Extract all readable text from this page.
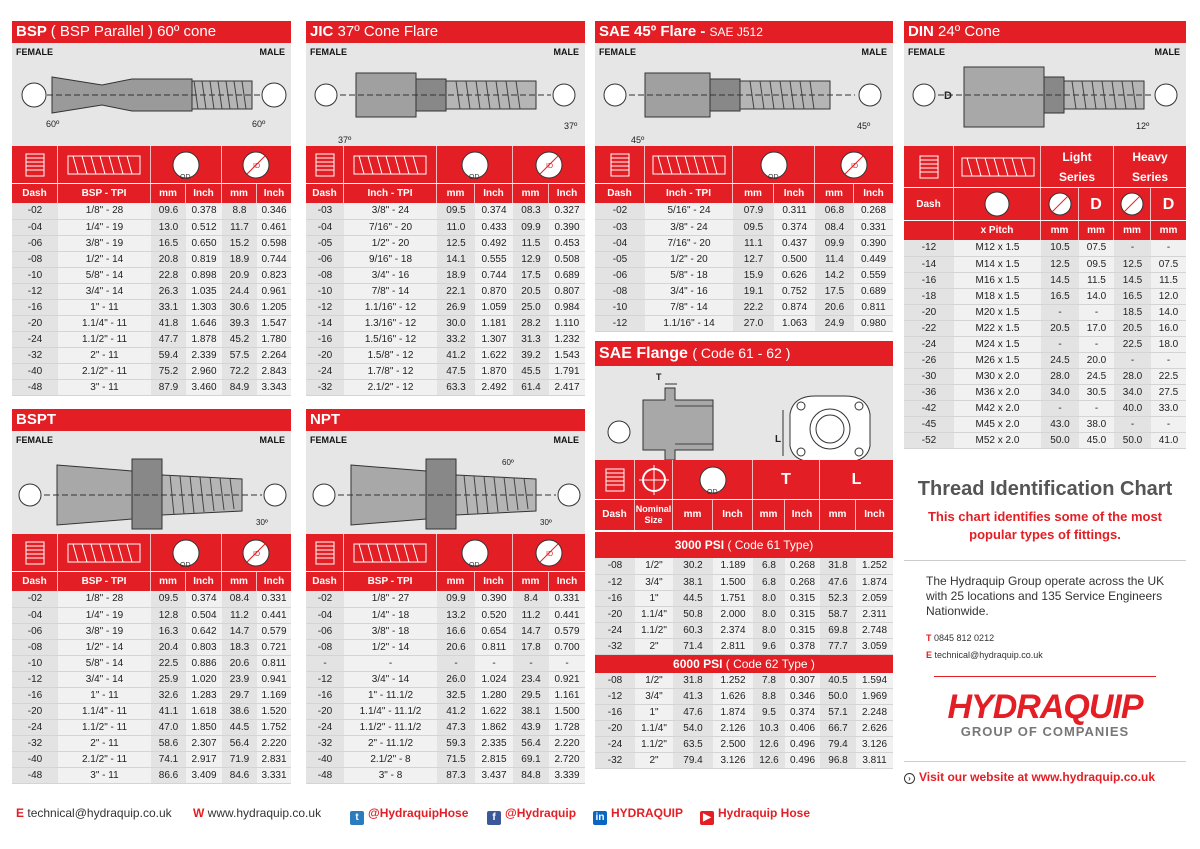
BSP ( BSP Parallel ) 60º cone
FEMALE	MALE
60º	60º
OD
ID
Dash	BSP - TPI	mm	Inch	mm	Inch
-02	1/8" - 28	09.6	0.378	8.8	0.346
-04	1/4" - 19	13.0	0.512	11.7	0.461
-06	3/8" - 19	16.5	0.650	15.2	0.598
-08	1/2" - 14	20.8	0.819	18.9	0.744
-10	5/8" - 14	22.8	0.898	20.9	0.823
-12	3/4" - 14	26.3	1.035	24.4	0.961
-16	1" - 11	33.1	1.303	30.6	1.205
-20	1.1/4" - 11	41.8	1.646	39.3	1.547
-24	1.1/2" - 11	47.7	1.878	45.2	1.780
-32	2" - 11	59.4	2.339	57.5	2.264
-40	2.1/2" - 11	75.2	2.960	72.2	2.843
-48	3" - 11	87.9	3.460	84.9	3.343
JIC 37º Cone Flare
FEMALE	MALE
37º
37º
OD
ID
Dash	Inch - TPI	mm	Inch	mm	Inch
-03	3/8" - 24	09.5	0.374	08.3	0.327
-04	7/16" - 20	11.0	0.433	09.9	0.390
-05	1/2" - 20	12.5	0.492	11.5	0.453
-06	9/16" - 18	14.1	0.555	12.9	0.508
-08	3/4" - 16	18.9	0.744	17.5	0.689
-10	7/8" - 14	22.1	0.870	20.5	0.807
-12	1.1/16" - 12	26.9	1.059	25.0	0.984
-14	1.3/16" - 12	30.0	1.181	28.2	1.110
-16	1.5/16" - 12	33.2	1.307	31.3	1.232
-20	1.5/8" - 12	41.2	1.622	39.2	1.543
-24	1.7/8" - 12	47.5	1.870	45.5	1.791
-32	2.1/2" - 12	63.3	2.492	61.4	2.417
SAE 45º Flare - SAE J512
FEMALE	MALE
45º
45º
OD
ID
Dash	Inch - TPI	mm	Inch	mm	Inch
-02	5/16" - 24	07.9	0.311	06.8	0.268
-03	3/8" - 24	09.5	0.374	08.4	0.331
-04	7/16" - 20	11.1	0.437	09.9	0.390
-05	1/2" - 20	12.7	0.500	11.4	0.449
-06	5/8" - 18	15.9	0.626	14.2	0.559
-08	3/4" - 16	19.1	0.752	17.5	0.689
-10	7/8" - 14	22.2	0.874	20.6	0.811
-12	1.1/16" - 14	27.0	1.063	24.9	0.980
DIN 24º Cone
FEMALE	MALE
D
12º
Light
Series
Heavy
Series
Dash	D	D
x Pitch	mm	mm	mm	mm
-12	M12 x 1.5	10.5	07.5	-	-
-14	M14 x 1.5	12.5	09.5	12.5	07.5
-16	M16 x 1.5	14.5	11.5	14.5	11.5
-18	M18 x 1.5	16.5	14.0	16.5	12.0
-20	M20 x 1.5	-	-	18.5	14.0
-22	M22 x 1.5	20.5	17.0	20.5	16.0
-24	M24 x 1.5	-	-	22.5	18.0
-26	M26 x 1.5	24.5	20.0	-	-
-30	M30 x 2.0	28.0	24.5	28.0	22.5
-36	M36 x 2.0	34.0	30.5	34.0	27.5
-42	M42 x 2.0	-	-	40.0	33.0
-45	M45 x 2.0	43.0	38.0	-	-
-52	M52 x 2.0	50.0	45.0	50.0	41.0
BSPT
FEMALE	MALE
30º
OD
ID
Dash	BSP - TPI	mm	Inch	mm	Inch
-02	1/8" - 28	09.5	0.374	08.4	0.331
-04	1/4" - 19	12.8	0.504	11.2	0.441
-06	3/8" - 19	16.3	0.642	14.7	0.579
-08	1/2" - 14	20.4	0.803	18.3	0.721
-10	5/8" - 14	22.5	0.886	20.6	0.811
-12	3/4" - 14	25.9	1.020	23.9	0.941
-16	1" - 11	32.6	1.283	29.7	1.169
-20	1.1/4" - 11	41.1	1.618	38.6	1.520
-24	1.1/2" - 11	47.0	1.850	44.5	1.752
-32	2" - 11	58.6	2.307	56.4	2.220
-40	2.1/2" - 11	74.1	2.917	71.9	2.831
-48	3" - 11	86.6	3.409	84.6	3.331
NPT
FEMALE	MALE
60º
30º
OD
ID
Dash	BSP - TPI	mm	Inch	mm	Inch
-02	1/8" - 27	09.9	0.390	8.4	0.331
-04	1/4" - 18	13.2	0.520	11.2	0.441
-06	3/8" - 18	16.6	0.654	14.7	0.579
-08	1/2" - 14	20.6	0.811	17.8	0.700
-	-	-	-	-	-
-12	3/4" - 14	26.0	1.024	23.4	0.921
-16	1" - 11.1/2	32.5	1.280	29.5	1.161
-20	1.1/4" - 11.1/2	41.2	1.622	38.1	1.500
-24	1.1/2" - 11.1/2	47.3	1.862	43.9	1.728
-32	2" - 11.1/2	59.3	2.335	56.4	2.220
-40	2.1/2" - 8	71.5	2.815	69.1	2.720
-48	3" - 8	87.3	3.437	84.8	3.339
SAE Flange ( Code 61 - 62 )
T
L
OD
T	L
Dash	Nominal
Size	mm	Inch	mm	Inch	mm	Inch
3000 PSI ( Code 61 Type)
-08	1/2"	30.2	1.189	6.8	0.268	31.8	1.252
-12	3/4"	38.1	1.500	6.8	0.268	47.6	1.874
-16	1"	44.5	1.751	8.0	0.315	52.3	2.059
-20	1.1/4"	50.8	2.000	8.0	0.315	58.7	2.311
-24	1.1/2"	60.3	2.374	8.0	0.315	69.8	2.748
-32	2"	71.4	2.811	9.6	0.378	77.7	3.059
6000 PSI ( Code 62 Type )
-08	1/2"	31.8	1.252	7.8	0.307	40.5	1.594
-12	3/4"	41.3	1.626	8.8	0.346	50.0	1.969
-16	1"	47.6	1.874	9.5	0.374	57.1	2.248
-20	1.1/4"	54.0	2.126	10.3	0.406	66.7	2.626
-24	1.1/2"	63.5	2.500	12.6	0.496	79.4	3.126
-32	2"	79.4	3.126	12.6	0.496	96.8	3.811
Thread Identification Chart
This chart identifies some of the most popular types of fittings.
The Hydraquip Group operate across the UK with 25 locations and 135 Service Engineers Nationwide.
T 0845 812 0212
E technical@hydraquip.co.uk
HYDRAQUIP
GROUP OF COMPANIES
› Visit our website at www.hydraquip.co.uk
E technical@hydraquip.co.uk W www.hydraquip.co.uk	t @HydraquipHose	f @Hydraquip in HYDRAQUIP	▶ Hydraquip Hose
